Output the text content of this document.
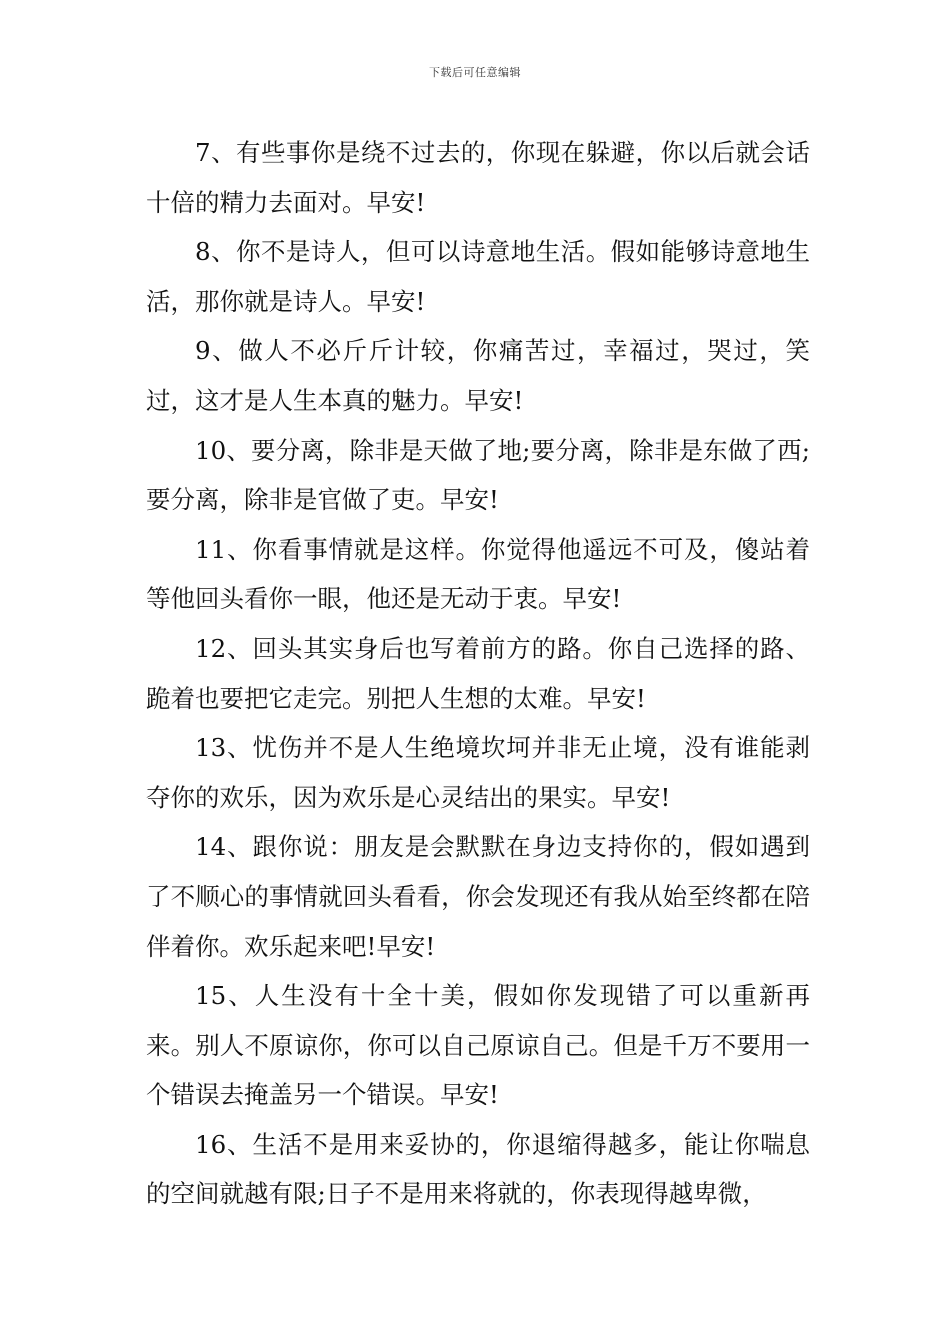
下载后可任意编辑

7、有些事你是绕不过去的，你现在躲避，你以后就会话十倍的精力去面对。早安!

8、你不是诗人，但可以诗意地生活。假如能够诗意地生活，那你就是诗人。早安!

9、做人不必斤斤计较，你痛苦过，幸福过，哭过，笑过，这才是人生本真的魅力。早安!

10、要分离，除非是天做了地;要分离，除非是东做了西;要分离，除非是官做了吏。早安!

11、你看事情就是这样。你觉得他遥远不可及，傻站着等他回头看你一眼，他还是无动于衷。早安!

12、回头其实身后也写着前方的路。你自己选择的路、跪着也要把它走完。别把人生想的太难。早安!

13、忧伤并不是人生绝境坎坷并非无止境，没有谁能剥夺你的欢乐，因为欢乐是心灵结出的果实。早安!

14、跟你说：朋友是会默默在身边支持你的，假如遇到了不顺心的事情就回头看看，你会发现还有我从始至终都在陪伴着你。欢乐起来吧!早安!

15、人生没有十全十美，假如你发现错了可以重新再来。别人不原谅你，你可以自己原谅自己。但是千万不要用一个错误去掩盖另一个错误。早安!

16、生活不是用来妥协的，你退缩得越多，能让你喘息的空间就越有限;日子不是用来将就的，你表现得越卑微，
